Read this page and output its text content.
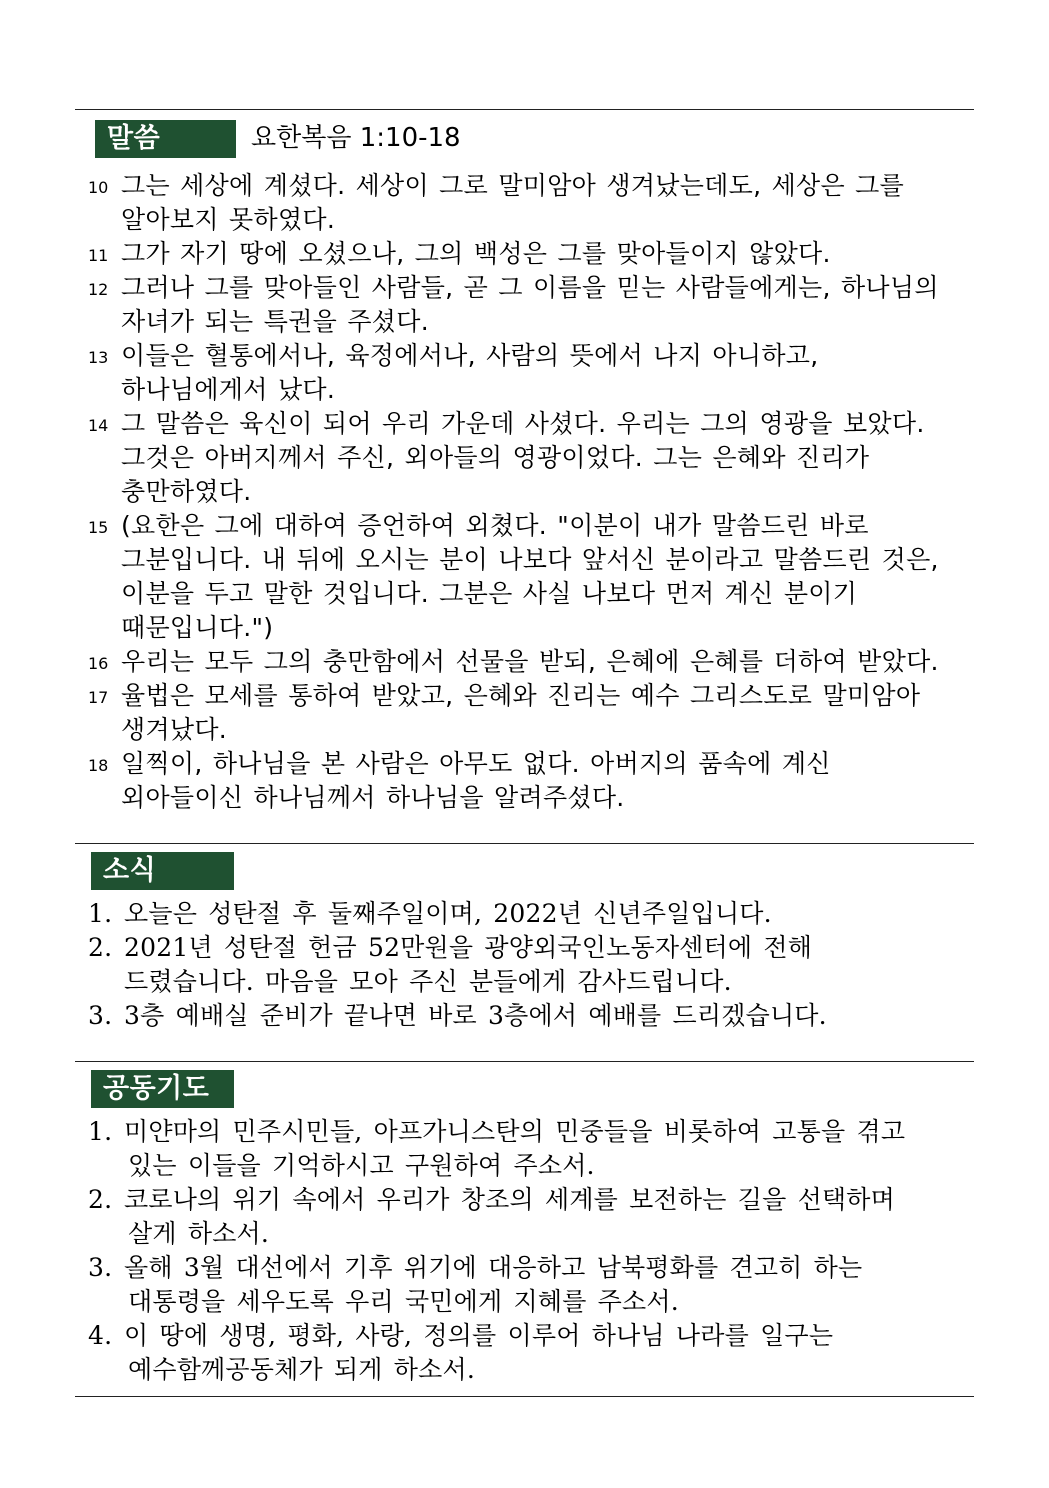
말씀	요한복음 1:10-18
10 그는 세상에 계셨다. 세상이 그로 말미암아 생겨났는데도, 세상은 그를
알아보지 못하였다.
11 그가 자기 땅에 오셨으나, 그의 백성은 그를 맞아들이지 않았다.
12 그러나 그를 맞아들인 사람들, 곧 그 이름을 믿는 사람들에게는, 하나님의
자녀가 되는 특권을 주셨다.
13 이들은 혈통에서나, 육정에서나, 사람의 뜻에서 나지 아니하고,
하나님에게서 났다.
14 그 말씀은 육신이 되어 우리 가운데 사셨다. 우리는 그의 영광을 보았다.
그것은 아버지께서 주신, 외아들의 영광이었다. 그는 은혜와 진리가
충만하였다.
15 (요한은 그에 대하여 증언하여 외쳤다. "이분이 내가 말씀드린 바로
그분입니다. 내 뒤에 오시는 분이 나보다 앞서신 분이라고 말씀드린 것은,
이분을 두고 말한 것입니다. 그분은 사실 나보다 먼저 계신 분이기
때문입니다.")
16 우리는 모두 그의 충만함에서 선물을 받되, 은혜에 은혜를 더하여 받았다.
17 율법은 모세를 통하여 받았고, 은혜와 진리는 예수 그리스도로 말미암아
생겨났다.
18 일찍이, 하나님을 본 사람은 아무도 없다. 아버지의 품속에 계신
외아들이신 하나님께서 하나님을 알려주셨다.
소식
1. 오늘은 성탄절 후 둘째주일이며, 2022년 신년주일입니다.
2. 2021년 성탄절 헌금 52만원을 광양외국인노동자센터에 전해
드렸습니다. 마음을 모아 주신 분들에게 감사드립니다.
3. 3층 예배실 준비가 끝나면 바로 3층에서 예배를 드리겠습니다.
공동기도
1. 미얀마의 민주시민들, 아프가니스탄의 민중들을 비롯하여 고통을 겪고
있는 이들을 기억하시고 구원하여 주소서.
2. 코로나의 위기 속에서 우리가 창조의 세계를 보전하는 길을 선택하며
살게 하소서.
3. 올해 3월 대선에서 기후 위기에 대응하고 남북평화를 견고히 하는
대통령을 세우도록 우리 국민에게 지혜를 주소서.
4. 이 땅에 생명, 평화, 사랑, 정의를 이루어 하나님 나라를 일구는
예수함께공동체가 되게 하소서.
